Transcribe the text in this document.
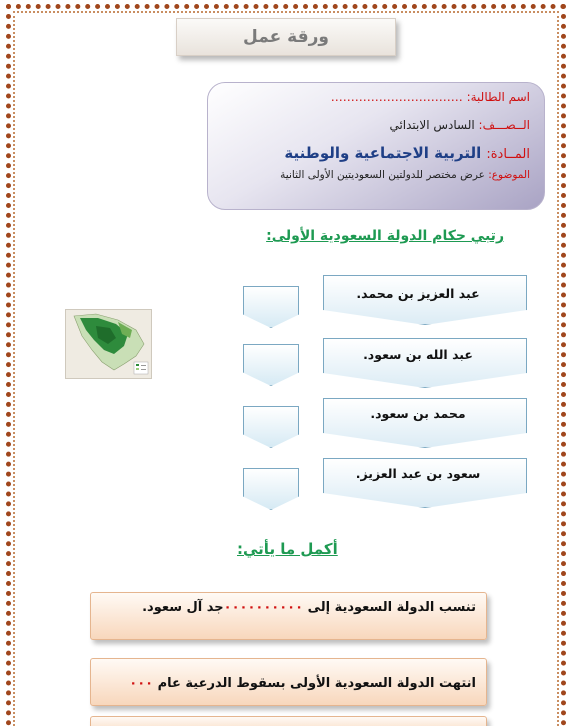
ورقة عمل
اسم الطالبة: ……………………………
الــصـــف: السادس الابتدائي
المــادة: التربية الاجتماعية والوطنية
الموضوع: عرض مختصر للدولتين السعوديتين الأولى الثانية
رتبي حكام الدولة السعودية الأولى:
عبد العزيز بن محمد.
عبد الله بن سعود.
محمد بن سعود.
سعود بن عبد العزيز.
أكمل ما يأتي:
تنسب الدولة السعودية إلى ٠٠٠٠٠٠٠٠٠٠جد آل سعود.
انتهت الدولة السعودية الأولى بسقوط الدرعية عام ٠٠٠
